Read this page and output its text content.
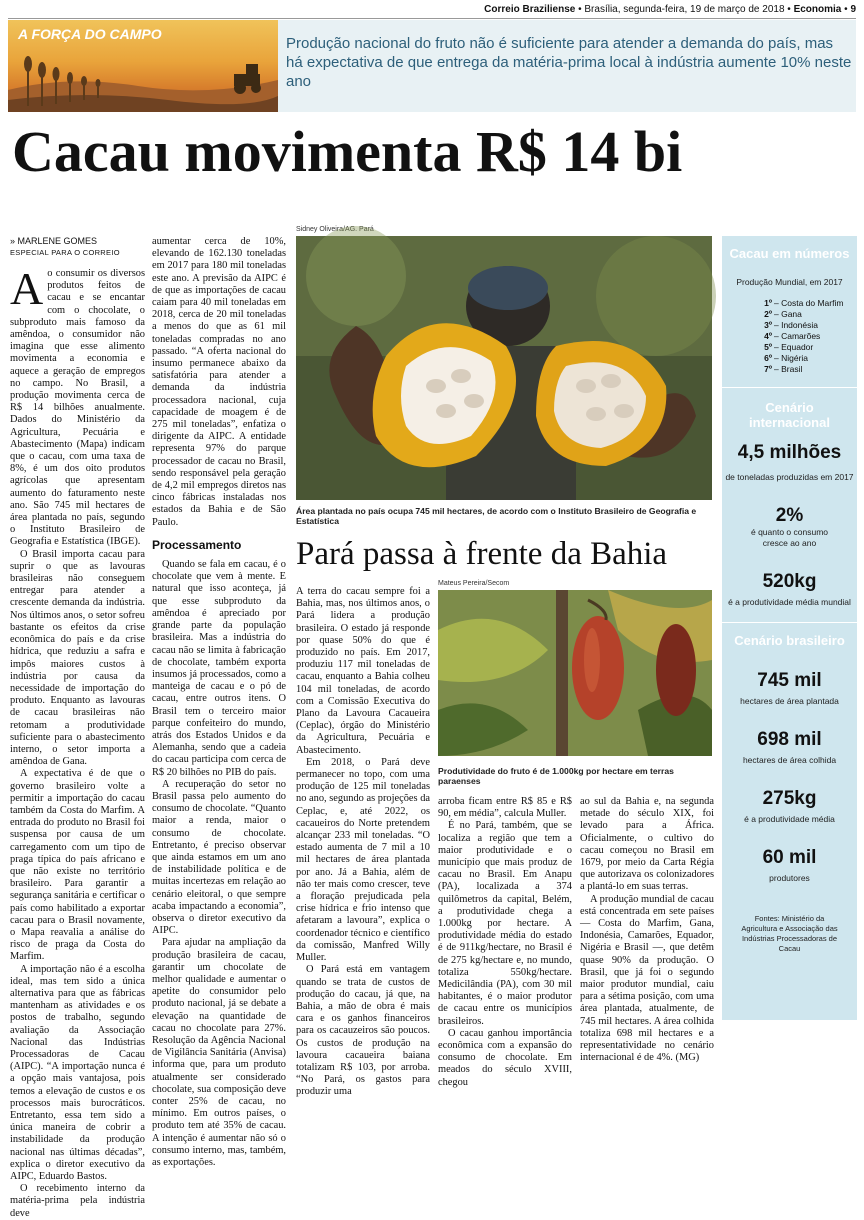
Correio Braziliense • Brasília, segunda-feira, 19 de março de 2018 • Economia • 9
A FORÇA DO CAMPO
Produção nacional do fruto não é suficiente para atender a demanda do país, mas há expectativa de que entrega da matéria-prima local à indústria aumente 10% neste ano
Cacau movimenta R$ 14 bi
» MARLENE GOMES
ESPECIAL PARA O CORREIO

Ao consumir os diversos produtos feitos de cacau e se encantar com o chocolate, o subproduto mais famoso da amêndoa, o consumidor não imagina que esse alimento movimenta a economia e aquece a geração de empregos no campo. No Brasil, a produção movimenta cerca de R$ 14 bilhões anualmente. Dados do Ministério da Agricultura, Pecuária e Abastecimento (Mapa) indicam que o cacau, com uma taxa de 8%, é um dos oito produtos agrícolas que apresentam aumento do faturamento neste ano. São 745 mil hectares de área plantada no país, segundo o Instituto Brasileiro de Geografia e Estatística (IBGE).

O Brasil importa cacau para suprir o que as lavouras brasileiras não conseguem entregar para atender a crescente demanda da indústria. Nos últimos anos, o setor sofreu bastante os efeitos da crise econômica do país e da crise hídrica, que reduziu a safra e impôs maiores custos à indústria por causa da necessidade de importação do produto. Enquanto as lavouras de cacau brasileiras não retomam a produtividade suficiente para o abastecimento interno, o setor importa a amêndoa de Gana.

A expectativa é de que o governo brasileiro volte a permitir a importação do cacau também da Costa do Marfim. A entrada do produto no Brasil foi suspensa por causa de um carregamento com um tipo de praga típica do país africano e que não existe no território brasileiro. Para garantir a segurança sanitária e certificar o país como habilitado a exportar cacau para o Brasil novamente, o Mapa reavalia a análise do risco de praga da Costa do Marfim.

A importação não é a escolha ideal, mas tem sido a única alternativa para que as fábricas mantenham as atividades e os postos de trabalho, segundo avaliação da Associação Nacional das Indústrias Processadoras de Cacau (AIPC). “A importação nunca é a opção mais vantajosa, pois temos a elevação de custos e os processos mais burocráticos. Entretanto, essa tem sido a única maneira de cobrir a instabilidade da produção nacional nas últimas décadas”, explica o diretor executivo da AIPC, Eduardo Bastos.

O recebimento interno da matéria-prima pela indústria deve

aumentar cerca de 10%, elevando de 162.130 toneladas em 2017 para 180 mil toneladas este ano. A previsão da AIPC é de que as importações de cacau caiam para 40 mil toneladas em 2018, cerca de 20 mil toneladas a menos do que as 61 mil toneladas compradas no ano passado. “A oferta nacional do insumo permanece abaixo da satisfatória para atender a demanda da indústria processadora nacional, cuja capacidade de moagem é de 275 mil toneladas”, enfatiza o dirigente da AIPC. A entidade representa 97% do parque processador de cacau no Brasil, sendo responsável pela geração de 4,2 mil empregos diretos nas cinco fábricas instaladas nos estados da Bahia e de São Paulo.

Processamento

Quando se fala em cacau, é o chocolate que vem à mente. E natural que isso aconteça, já que esse subproduto da amêndoa é apreciado por grande parte da população brasileira. Mas a indústria do cacau não se limita à fabricação de chocolate, também exporta insumos já processados, como a manteiga de cacau e o pó de cacau, entre outros itens. O Brasil tem o terceiro maior parque confeiteiro do mundo, atrás dos Estados Unidos e da Alemanha, sendo que a cadeia do cacau participa com cerca de R$ 20 bilhões no PIB do país.

A recuperação do setor no Brasil passa pelo aumento do consumo de chocolate. “Quanto maior a renda, maior o consumo de chocolate. Entretanto, é preciso observar que ainda estamos em um ano de instabilidade política e de muitas incertezas em relação ao cenário eleitoral, o que sempre acaba impactando a economia”, observa o diretor executivo da AIPC.

Para ajudar na ampliação da produção brasileira de cacau, garantir um chocolate de melhor qualidade e aumentar o apetite do consumidor pelo produto nacional, já se debate a elevação na quantidade de cacau no chocolate para 27%. Resolução da Agência Nacional de Vigilância Sanitária (Anvisa) informa que, para um produto atualmente ser considerado chocolate, sua composição deve conter 25% de cacau, no mínimo. Em outros países, o produto tem até 35% de cacau. A intenção é aumentar não só o consumo interno, mas, também, as exportações.

Sidney Oliveira/AG. Pará
Área plantada no país ocupa 745 mil hectares, de acordo com o Instituto Brasileiro de Geografia e Estatística
Pará passa à frente da Bahia

A terra do cacau sempre foi a Bahia, mas, nos últimos anos, o Pará lidera a produção brasileira. O estado já responde por quase 50% do que é produzido no país. Em 2017, produziu 117 mil toneladas de cacau, enquanto a Bahia colheu 104 mil toneladas, de acordo com a Comissão Executiva do Plano da Lavoura Cacaueira (Ceplac), órgão do Ministério da Agricultura, Pecuária e Abastecimento.

Em 2018, o Pará deve permanecer no topo, com uma produção de 125 mil toneladas no ano, segundo as projeções da Ceplac, e, até 2022, os cacaueiros do Norte pretendem alcançar 233 mil toneladas. “O estado aumenta de 7 mil a 10 mil hectares de área plantada por ano. Já a Bahia, além de não ter mais como crescer, teve a floração prejudicada pela crise hídrica e frio intenso que afetaram a lavoura”, explica o coordenador técnico e científico da comissão, Manfred Willy Muller.

O Pará está em vantagem quando se trata de custos de produção do cacau, já que, na Bahia, a mão de obra é mais cara e os ganhos financeiros para os cacauzeiros são poucos. Os custos de produção na lavoura cacaueira baiana totalizam R$ 103, por arroba. “No Pará, os gastos para produzir uma

Mateus Pereira/Secom
Produtividade do fruto é de 1.000kg por hectare em terras paraenses

arroba ficam entre R$ 85 e R$ 90, em média”, calcula Muller.

É no Pará, também, que se localiza a região que tem a maior produtividade e o município que mais produz de cacau no Brasil. Em Anapu (PA), localizada a 374 quilômetros da capital, Belém, a produtividade chega a 1.000kg por hectare. A produtividade média do estado é de 911kg/hectare, no Brasil é de 275 kg/hectare e, no mundo, totaliza 550kg/hectare. Medicilândia (PA), com 30 mil habitantes, é o maior produtor de cacau entre os municípios brasileiros.

O cacau ganhou importância econômica com a expansão do consumo de chocolate. Em meados do século XVIII, chegou

ao sul da Bahia e, na segunda metade do século XIX, foi levado para a África. Oficialmente, o cultivo do cacau começou no Brasil em 1679, por meio da Carta Régia que autorizava os colonizadores a plantá-lo em suas terras.

A produção mundial de cacau está concentrada em sete países — Costa do Marfim, Gana, Indonésia, Camarões, Equador, Nigéria e Brasil —, que detêm quase 90% da produção. O Brasil, que já foi o segundo maior produtor mundial, caiu para a sétima posição, com uma área plantada, atualmente, de 745 mil hectares. A área colhida totaliza 698 mil hectares e a representatividade no cenário internacional é de 4%. (MG)

Cacau em números
Produção Mundial, em 2017
1º – Costa do Marfim
2º – Gana
3º – Indonésia
4º – Camarões
5º – Equador
6º – Nigéria
7º – Brasil
Cenário internacional
4,5 milhões
de toneladas produzidas em 2017
2%
é quanto o consumo cresce ao ano
520kg
é a produtividade média mundial
Cenário brasileiro
745 mil
hectares de área plantada
698 mil
hectares de área colhida
275kg
é a produtividade média
60 mil
produtores
Fontes: Ministério da Agricultura e Associação das Indústrias Processadoras de Cacau
